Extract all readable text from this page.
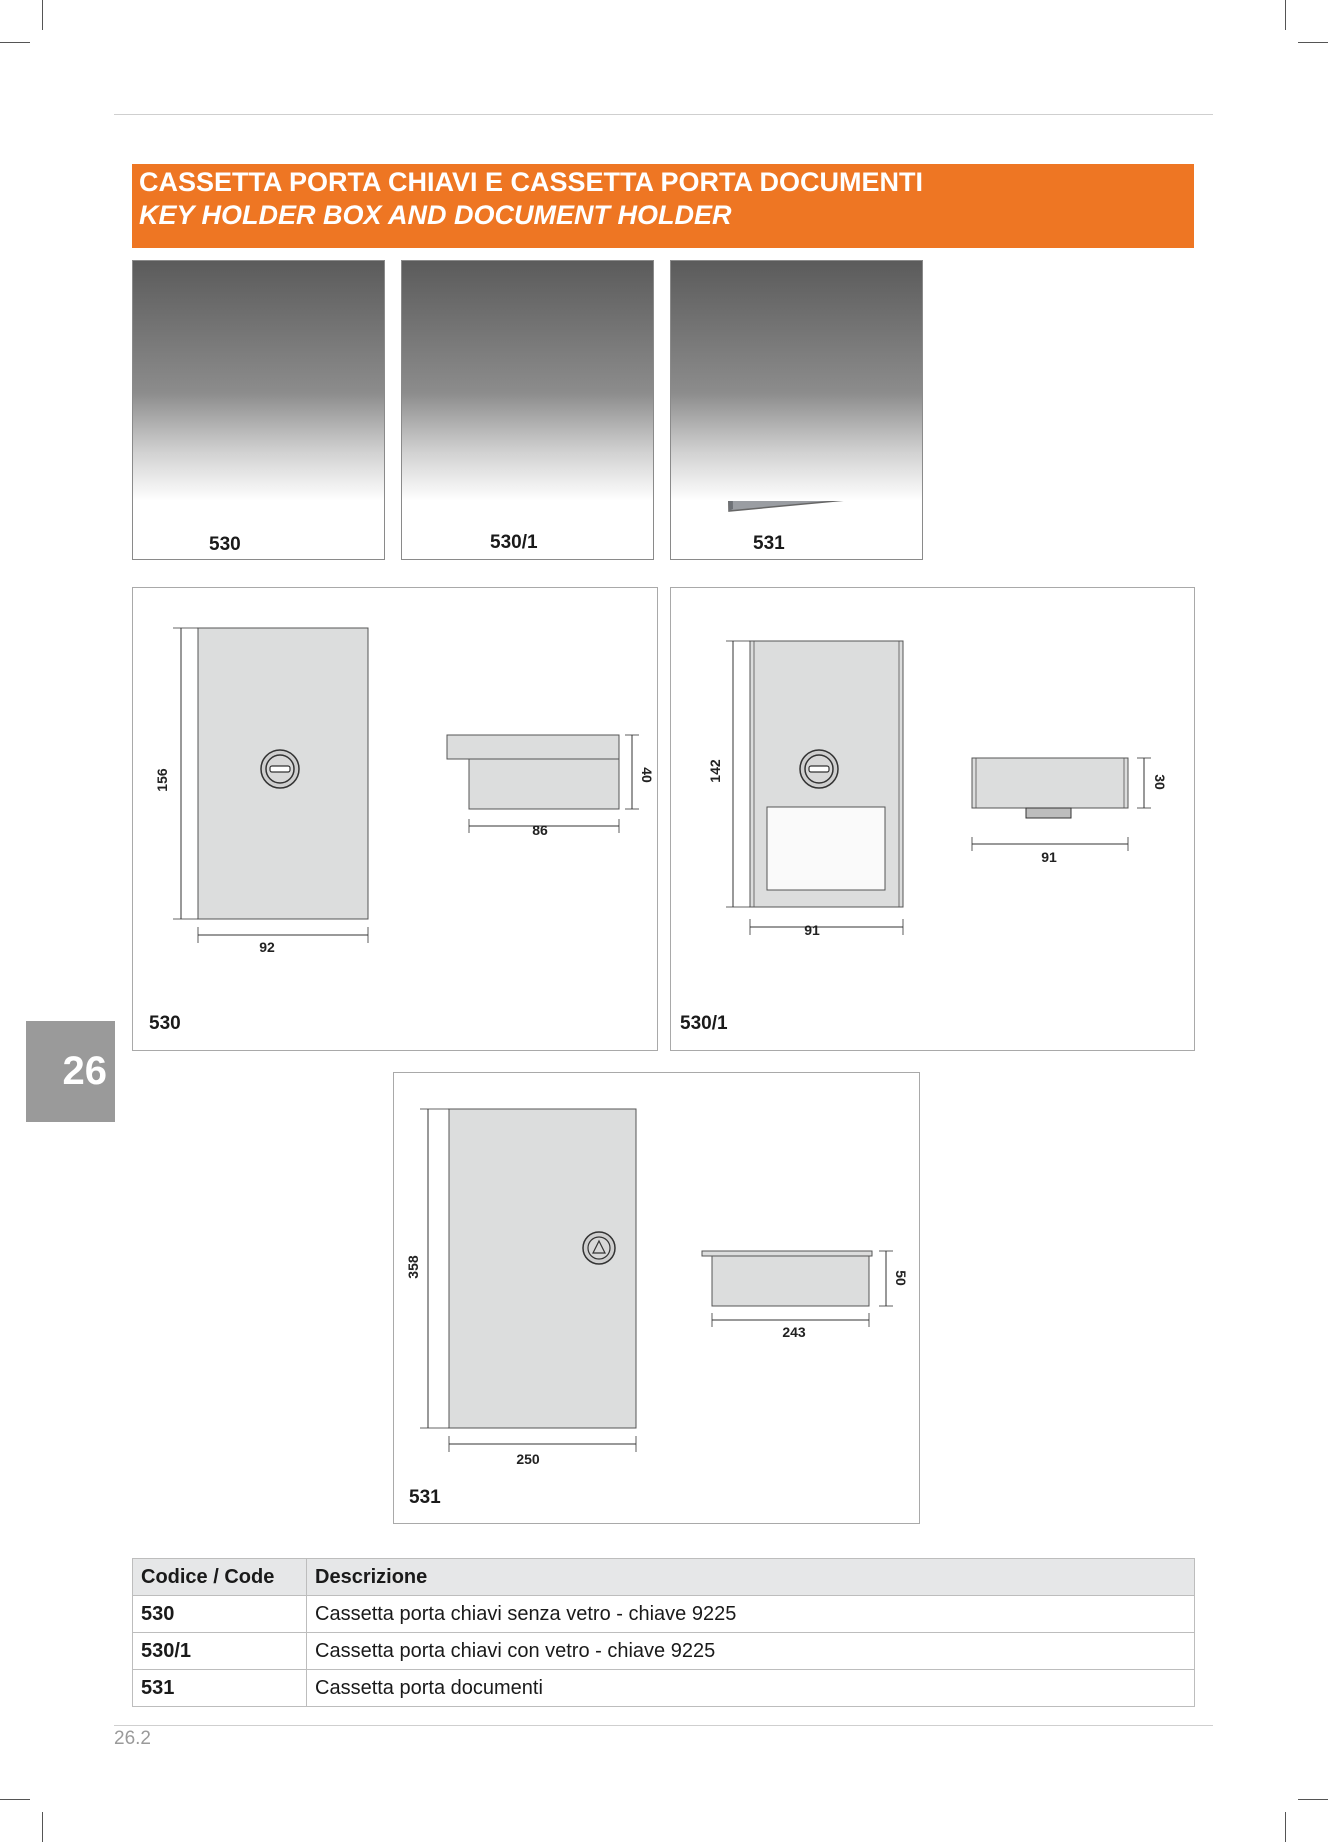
CASSETTA PORTA CHIAVI E CASSETTA PORTA DOCUMENTI
KEY HOLDER BOX AND DOCUMENT HOLDER
530	530/1	531
156
92
40
86
530
142
91
30
91
530/1
26
358
250
50
243
531
Codice / Code	Descrizione
530	Cassetta porta chiavi senza vetro - chiave 9225
530/1	Cassetta porta chiavi con vetro - chiave 9225
531	Cassetta porta documenti
26.2
